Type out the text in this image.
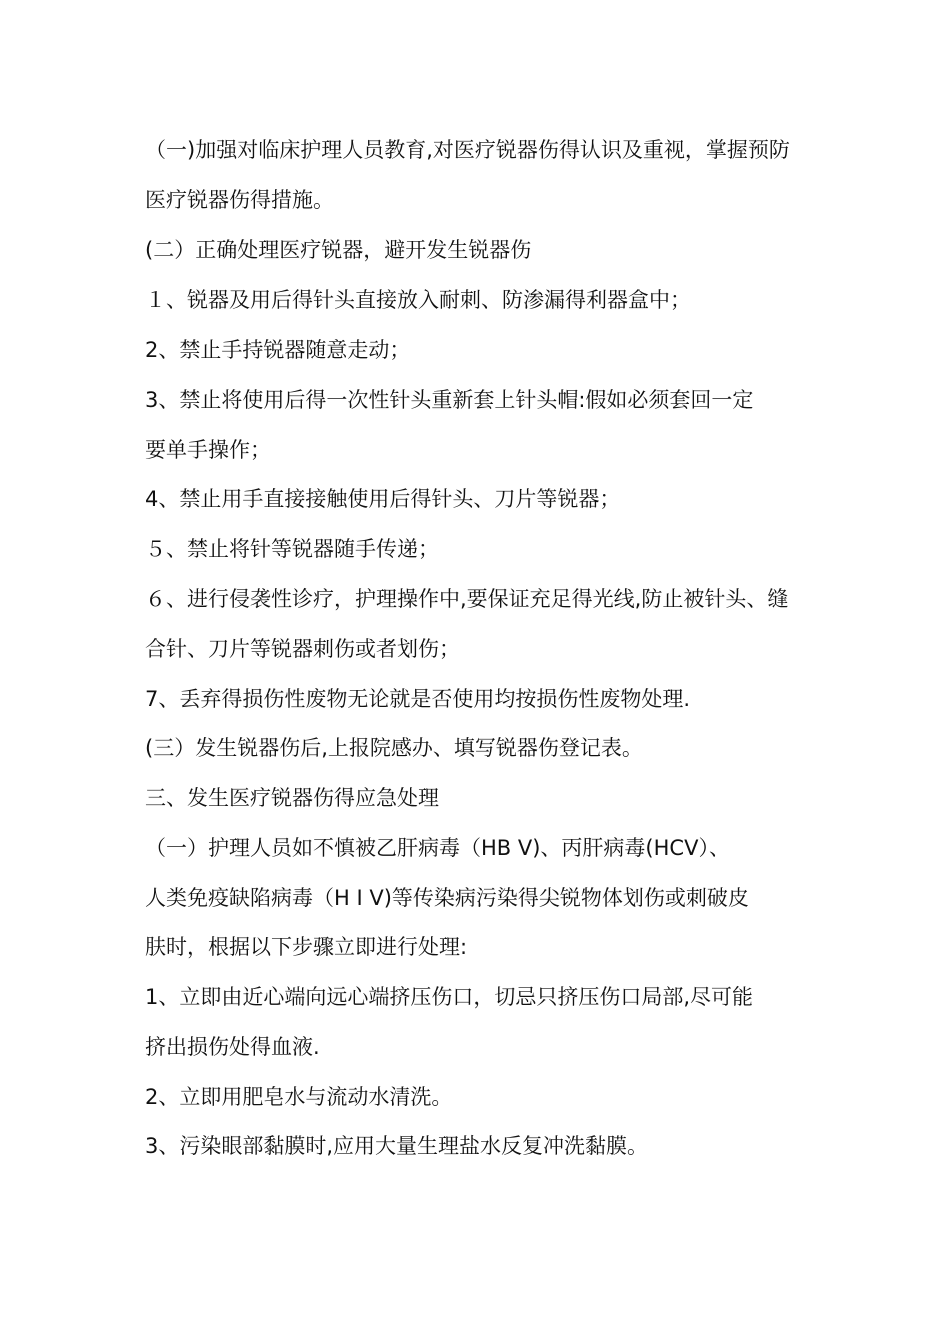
（一)加强对临床护理人员教育,对医疗锐器伤得认识及重视，掌握预防
医疗锐器伤得措施。
(二）正确处理医疗锐器，避开发生锐器伤
１、锐器及用后得针头直接放入耐刺、防渗漏得利器盒中；
2、禁止手持锐器随意走动；
3、禁止将使用后得一次性针头重新套上针头帽:假如必须套回一定
要单手操作；
4、禁止用手直接接触使用后得针头、刀片等锐器；
５、禁止将针等锐器随手传递；
６、进行侵袭性诊疗，护理操作中,要保证充足得光线,防止被针头、缝
合针、刀片等锐器刺伤或者划伤；
7、丢弃得损伤性废物无论就是否使用均按损伤性废物处理.
(三）发生锐器伤后,上报院感办、填写锐器伤登记表。
三、发生医疗锐器伤得应急处理
（一）护理人员如不慎被乙肝病毒（HB V)、丙肝病毒(HCV）、
人类免疫缺陷病毒（H I V)等传染病污染得尖锐物体划伤或刺破皮
肤时，根据以下步骤立即进行处理:
1、立即由近心端向远心端挤压伤口，切忌只挤压伤口局部,尽可能
挤出损伤处得血液.
2、立即用肥皂水与流动水清洗。
3、污染眼部黏膜时,应用大量生理盐水反复冲洗黏膜。
